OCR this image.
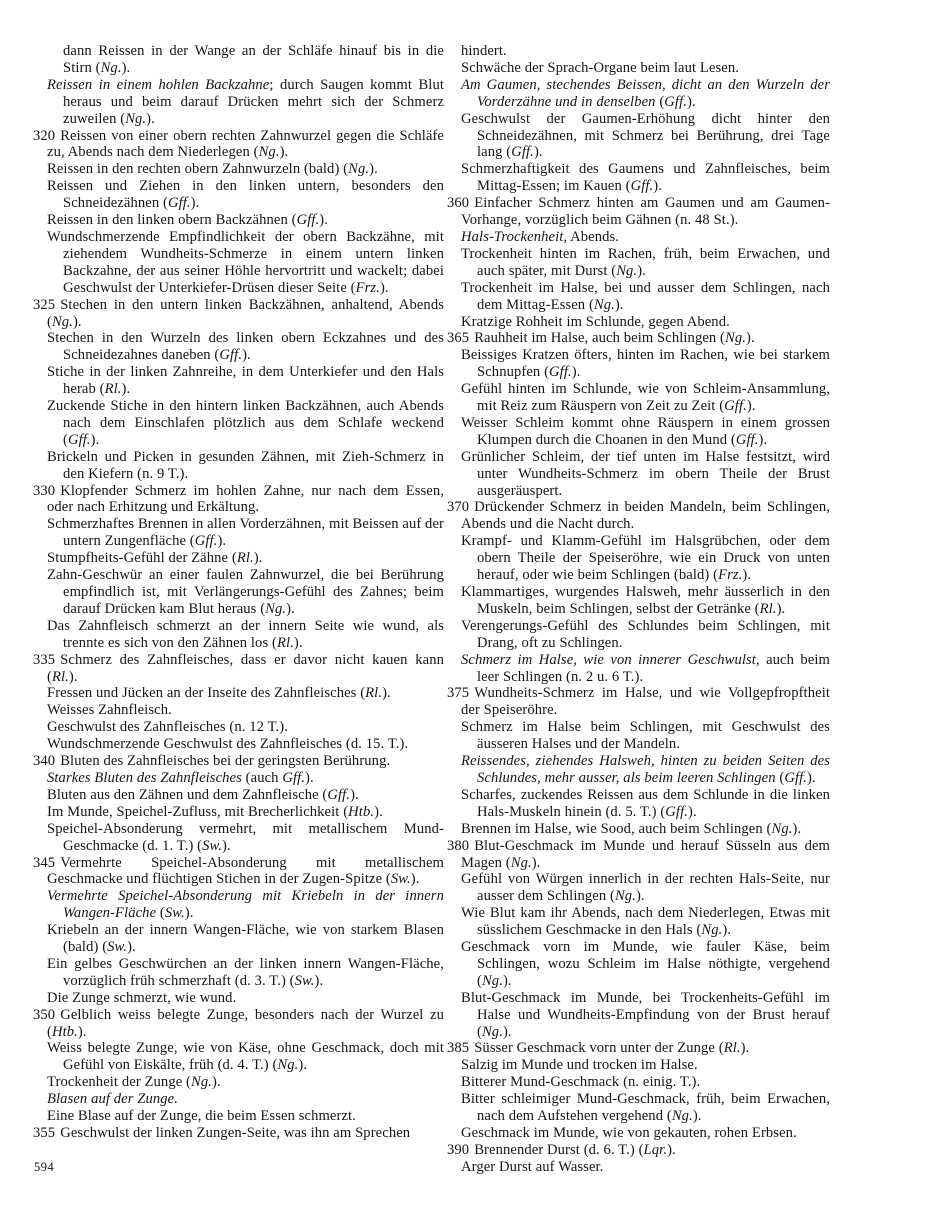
dann Reissen in der Wange an der Schläfe hinauf bis in die Stirn (Ng.).

Reissen in einem hohlen Backzahne; durch Saugen kommt Blut heraus und beim darauf Drücken mehrt sich der Schmerz zuweilen (Ng.).

320 Reissen von einer obern rechten Zahnwurzel gegen die Schläfe zu, Abends nach dem Niederlegen (Ng.).

Reissen in den rechten obern Zahnwurzeln (bald) (Ng.).

Reissen und Ziehen in den linken untern, besonders den Schneidezähnen (Gff.).

Reissen in den linken obern Backzähnen (Gff.).

Wundschmerzende Empfindlichkeit der obern Backzähne, mit ziehendem Wundheits-Schmerze in einem untern linken Backzahne, der aus seiner Höhle hervortritt und wackelt; dabei Geschwulst der Unterkiefer-Drüsen dieser Seite (Frz.).

325 Stechen in den untern linken Backzähnen, anhaltend, Abends (Ng.).

Stechen in den Wurzeln des linken obern Eckzahnes und des Schneidezahnes daneben (Gff.).

Stiche in der linken Zahnreihe, in dem Unterkiefer und den Hals herab (Rl.).

Zuckende Stiche in den hintern linken Backzähnen, auch Abends nach dem Einschlafen plötzlich aus dem Schlafe weckend (Gff.).

Brickeln und Picken in gesunden Zähnen, mit Zieh-Schmerz in den Kiefern (n. 9 T.).

330 Klopfender Schmerz im hohlen Zahne, nur nach dem Essen, oder nach Erhitzung und Erkältung.

Schmerzhaftes Brennen in allen Vorderzähnen, mit Beissen auf der untern Zungenfläche (Gff.).

Stumpfheits-Gefühl der Zähne (Rl.).

Zahn-Geschwür an einer faulen Zahnwurzel, die bei Berührung empfindlich ist, mit Verlängerungs-Gefühl des Zahnes; beim darauf Drücken kam Blut heraus (Ng.).

Das Zahnfleisch schmerzt an der innern Seite wie wund, als trennte es sich von den Zähnen los (Rl.).

335 Schmerz des Zahnfleisches, dass er davor nicht kauen kann (Rl.).

Fressen und Jücken an der Inseite des Zahnfleisches (Rl.).

Weisses Zahnfleisch.

Geschwulst des Zahnfleisches (n. 12 T.).

Wundschmerzende Geschwulst des Zahnfleisches (d. 15. T.).

340 Bluten des Zahnfleisches bei der geringsten Berührung.

Starkes Bluten des Zahnfleisches (auch Gff.).

Bluten aus den Zähnen und dem Zahnfleische (Gff.).

Im Munde, Speichel-Zufluss, mit Brecherlichkeit (Htb.).

Speichel-Absonderung vermehrt, mit metallischem Mund-Geschmacke (d. 1. T.) (Sw.).

345 Vermehrte Speichel-Absonderung mit metallischem Geschmacke und flüchtigen Stichen in der Zugen-Spitze (Sw.).

Vermehrte Speichel-Absonderung mit Kriebeln in der innern Wangen-Fläche (Sw.).

Kriebeln an der innern Wangen-Fläche, wie von starkem Blasen (bald) (Sw.).

Ein gelbes Geschwürchen an der linken innern Wangen-Fläche, vorzüglich früh schmerzhaft (d. 3. T.) (Sw.).

Die Zunge schmerzt, wie wund.

350 Gelblich weiss belegte Zunge, besonders nach der Wurzel zu (Htb.).

Weiss belegte Zunge, wie von Käse, ohne Geschmack, doch mit Gefühl von Eiskälte, früh (d. 4. T.) (Ng.).

Trockenheit der Zunge (Ng.).

Blasen auf der Zunge.

Eine Blase auf der Zunge, die beim Essen schmerzt.

355 Geschwulst der linken Zungen-Seite, was ihn am Sprechen

hindert.

Schwäche der Sprach-Organe beim laut Lesen.

Am Gaumen, stechendes Beissen, dicht an den Wurzeln der Vorderzähne und in denselben (Gff.).

Geschwulst der Gaumen-Erhöhung dicht hinter den Schneidezähnen, mit Schmerz bei Berührung, drei Tage lang (Gff.).

Schmerzhaftigkeit des Gaumens und Zahnfleisches, beim Mittag-Essen; im Kauen (Gff.).

360 Einfacher Schmerz hinten am Gaumen und am Gaumen-Vorhange, vorzüglich beim Gähnen (n. 48 St.).

Hals-Trockenheit, Abends.

Trockenheit hinten im Rachen, früh, beim Erwachen, und auch später, mit Durst (Ng.).

Trockenheit im Halse, bei und ausser dem Schlingen, nach dem Mittag-Essen (Ng.).

Kratzige Rohheit im Schlunde, gegen Abend.

365 Rauhheit im Halse, auch beim Schlingen (Ng.).

Beissiges Kratzen öfters, hinten im Rachen, wie bei starkem Schnupfen (Gff.).

Gefühl hinten im Schlunde, wie von Schleim-Ansammlung, mit Reiz zum Räuspern von Zeit zu Zeit (Gff.).

Weisser Schleim kommt ohne Räuspern in einem grossen Klumpen durch die Choanen in den Mund (Gff.).

Grünlicher Schleim, der tief unten im Halse festsitzt, wird unter Wundheits-Schmerz im obern Theile der Brust ausgeräuspert.

370 Drückender Schmerz in beiden Mandeln, beim Schlingen, Abends und die Nacht durch.

Krampf- und Klamm-Gefühl im Halsgrübchen, oder dem obern Theile der Speiseröhre, wie ein Druck von unten herauf, oder wie beim Schlingen (bald) (Frz.).

Klammartiges, wurgendes Halsweh, mehr äusserlich in den Muskeln, beim Schlingen, selbst der Getränke (Rl.).

Verengerungs-Gefühl des Schlundes beim Schlingen, mit Drang, oft zu Schlingen.

Schmerz im Halse, wie von innerer Geschwulst, auch beim leer Schlingen (n. 2 u. 6 T.).

375 Wundheits-Schmerz im Halse, und wie Vollgepfropftheit der Speiseröhre.

Schmerz im Halse beim Schlingen, mit Geschwulst des äusseren Halses und der Mandeln.

Reissendes, ziehendes Halsweh, hinten zu beiden Seiten des Schlundes, mehr ausser, als beim leeren Schlingen (Gff.).

Scharfes, zuckendes Reissen aus dem Schlunde in die linken Hals-Muskeln hinein (d. 5. T.) (Gff.).

Brennen im Halse, wie Sood, auch beim Schlingen (Ng.).

380 Blut-Geschmack im Munde und herauf Süsseln aus dem Magen (Ng.).

Gefühl von Würgen innerlich in der rechten Hals-Seite, nur ausser dem Schlingen (Ng.).

Wie Blut kam ihr Abends, nach dem Niederlegen, Etwas mit süsslichem Geschmacke in den Hals (Ng.).

Geschmack vorn im Munde, wie fauler Käse, beim Schlingen, wozu Schleim im Halse nöthigte, vergehend (Ng.).

Blut-Geschmack im Munde, bei Trockenheits-Gefühl im Halse und Wundheits-Empfindung von der Brust herauf (Ng.).

385 Süsser Geschmack vorn unter der Zunge (Rl.).

Salzig im Munde und trocken im Halse.

Bitterer Mund-Geschmack (n. einig. T.).

Bitter schleimiger Mund-Geschmack, früh, beim Erwachen, nach dem Aufstehen vergehend (Ng.).

Geschmack im Munde, wie von gekauten, rohen Erbsen.

390 Brennender Durst (d. 6. T.) (Lqr.).

Arger Durst auf Wasser.

594
